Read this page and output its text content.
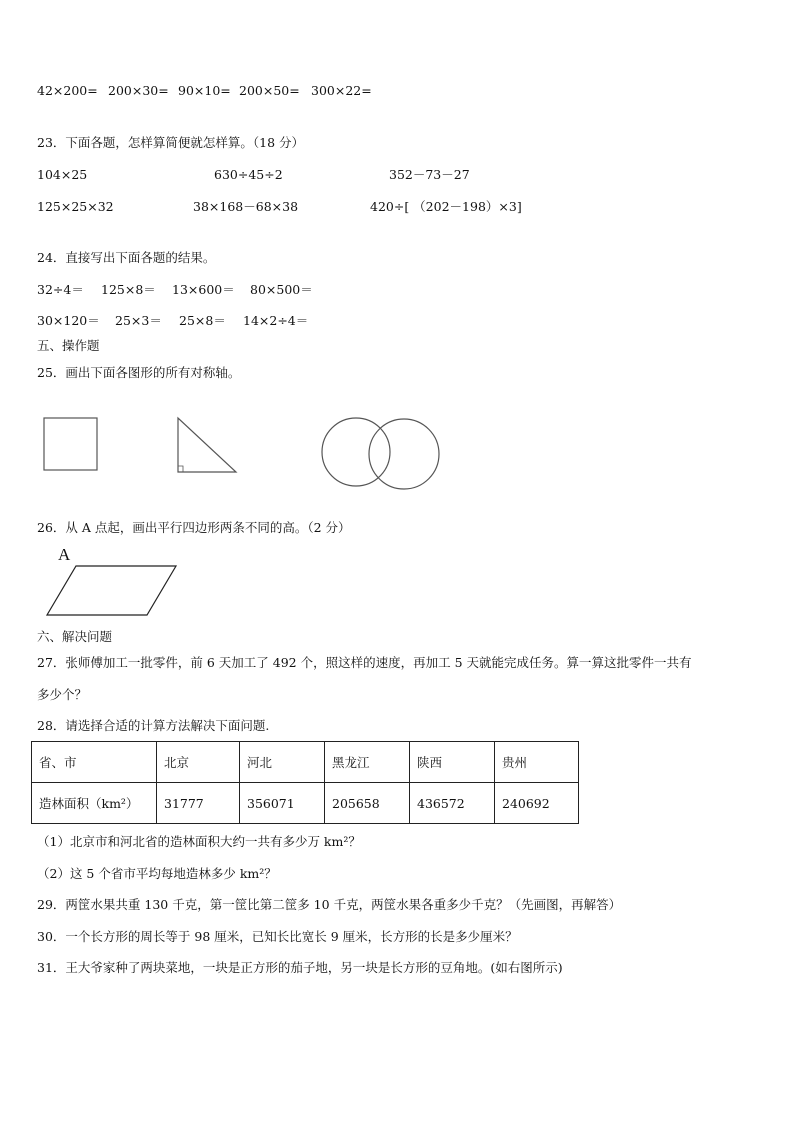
42×200= 200×30= 90×10= 200×50= 300×22=
23．下面各题，怎样算简便就怎样算。（18 分）
104×25	630÷45÷2	352－73－27
125×25×32	38×168－68×38	420÷[ （202－198）×3]
24．直接写出下面各题的结果。
32÷4＝ 125×8＝ 13×600＝ 80×500＝
30×120＝ 25×3＝ 25×8＝ 14×2÷4＝
五、操作题
25．画出下面各图形的所有对称轴。
26．从 A 点起，画出平行四边形两条不同的高。（2 分）
A
六、解决问题
27．张师傅加工一批零件，前 6 天加工了 492 个，照这样的速度，再加工 5 天就能完成任务。算一算这批零件一共有
多少个？
28．请选择合适的计算方法解决下面问题.
省、市	北京	河北	黑龙江	陕西	贵州
造林面积（km²）	31777	356071	205658	436572	240692
（1）北京市和河北省的造林面积大约一共有多少万 km²？
（2）这 5 个省市平均每地造林多少 km²？
29．两筐水果共重 130 千克，第一筐比第二筐多 10 千克，两筐水果各重多少千克？（先画图，再解答）
30．一个长方形的周长等于 98 厘米，已知长比宽长 9 厘米，长方形的长是多少厘米？
31．王大爷家种了两块菜地，一块是正方形的茄子地，另一块是长方形的豆角地。(如右图所示)
